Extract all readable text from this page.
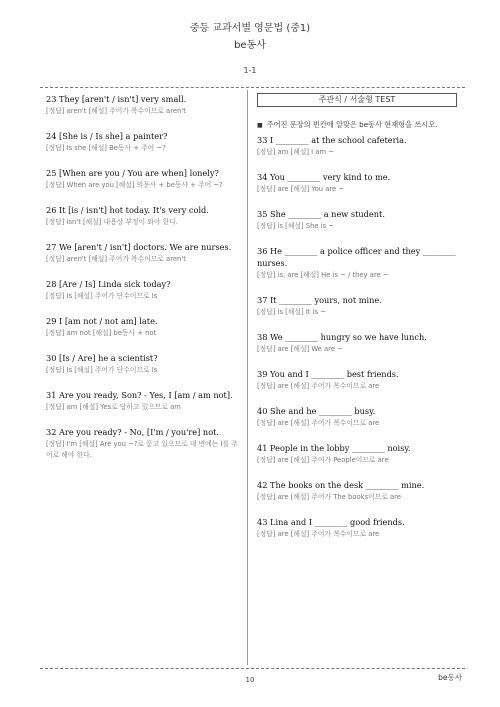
중등 교과서별 영문법 (중1)
be동사
1-1

23 They [aren't / isn't] very small.

[정답] aren't [해설] 주어가 복수이므로 aren't

24 [She is / Is she] a painter?

[정답] Is she [해설] Be동사 + 주어 ~?

25 [When are you / You are when] lonely?

[정답] When are you [해설] 의문사 + be동사 + 주어 ~?

26 It [is / isn't] hot today. It's very cold.

[정답] isn't [해설] 내용상 부정이 와야 한다.

27 We [aren't / isn't] doctors. We are nurses.

[정답] aren't [해설] 주어가 복수이므로 aren't

28 [Are / Is] Linda sick today?

[정답] Is [해설] 주어가 단수이므로 Is

29 I [am not / not am] late.

[정답] am not [해설] be동사 + not

30 [Is / Are] he a scientist?

[정답] Is [해설] 주어가 단수이므로 Is

31 Are you ready, Son? - Yes, I [am / am not].

[정답] am [해설] Yes로 답하고 있으므로 am

32 Are you ready? - No, [I'm / you're] not.

[정답] I'm [해설] Are you ~?로 묻고 있으므로 대 변에는 I를 주어로 해야 한다.

주관식 / 서술형 TEST
■ 주어진 문장의 빈칸에 알맞은 be동사 현재형을 쓰시오.

33 I ________ at the school cafeteria.

[정답] am [해설] I am ~

34 You ________ very kind to me.

[정답] are [해설] You are ~

35 She ________ a new student.

[정답] is [해설] She is ~

36 He ________ a police officer and they ________ nurses.

[정답] is, are [해설] He is ~ / they are ~

37 It ________ yours, not mine.

[정답] is [해설] It is ~

38 We ________ hungry so we have lunch.

[정답] are [해설] We are ~

39 You and I ________ best friends.

[정답] are [해설] 주어가 복수이므로 are

40 She and he ________ busy.

[정답] are [해설] 주어가 복수이므로 are

41 People in the lobby ________ noisy.

[정답] are [해설] 주어가 People이므로 are

42 The books on the desk ________ mine.

[정답] are [해설] 주어가 The books이므로 are

43 Lina and I ________ good friends.

[정답] are [해설] 주어가 복수이므로 are

10	be동사
